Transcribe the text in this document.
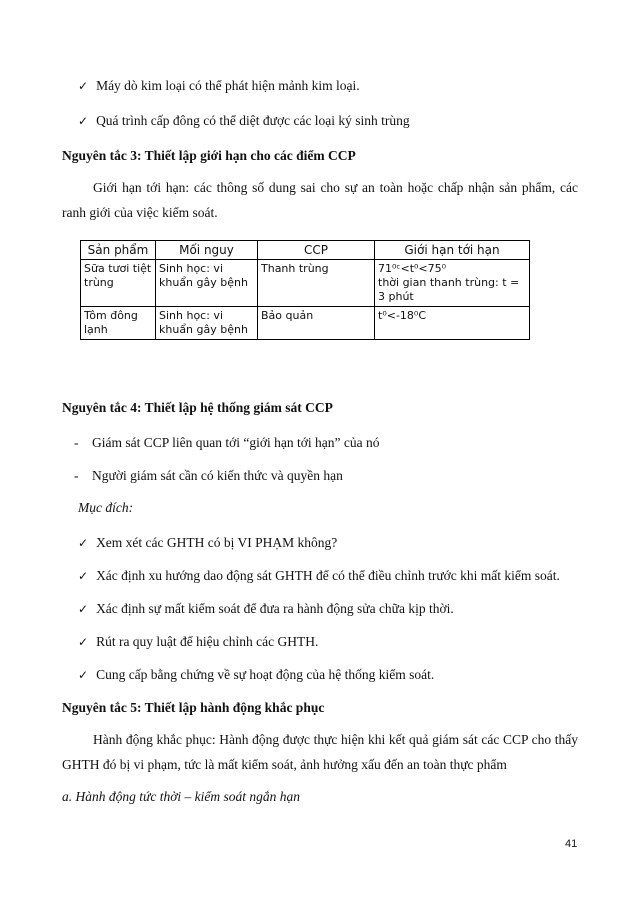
✓ Máy dò kim loại có thể phát hiện mảnh kim loại.
✓ Quá trình cấp đông có thể diệt được các loại ký sinh trùng
Nguyên tắc 3: Thiết lập giới hạn cho các điểm CCP
Giới hạn tới hạn: các thông số dung sai cho sự an toàn hoặc chấp nhận sản phẩm, các ranh giới của việc kiểm soát.
Sản phẩm	Mối nguy	CCP	Giới hạn tới hạn
Sữa tươi tiệt trùng	Sinh học: vi khuẩn gây bệnh	Thanh trùng	71⁰ᶜ<t⁰<75⁰
thời gian thanh trùng: t = 3 phút
Tôm đông lạnh	Sinh học: vi khuẩn gây bệnh	Bảo quản	t⁰<-18⁰C
Nguyên tắc 4: Thiết lập hệ thống giám sát CCP
-    Giám sát CCP liên quan tới “giới hạn tới hạn” của nó
-    Người giám sát cần có kiến thức và quyền hạn
Mục đích:
✓ Xem xét các GHTH có bị VI PHẠM không?
✓ Xác định xu hướng dao động sát GHTH để có thể điều chỉnh trước khi mất kiểm soát.
✓ Xác định sự mất kiểm soát để đưa ra hành động sửa chữa kịp thời.
✓ Rút ra quy luật để hiệu chỉnh các GHTH.
✓ Cung cấp bằng chứng về sự hoạt động của hệ thống kiểm soát.
Nguyên tắc 5: Thiết lập hành động khắc phục
Hành động khắc phục: Hành động được thực hiện khi kết quả giám sát các CCP cho thấy GHTH đó bị vi phạm, tức là mất kiểm soát, ảnh hưởng xấu đến an toàn thực phẩm
a. Hành động tức thời – kiểm soát ngắn hạn
41
